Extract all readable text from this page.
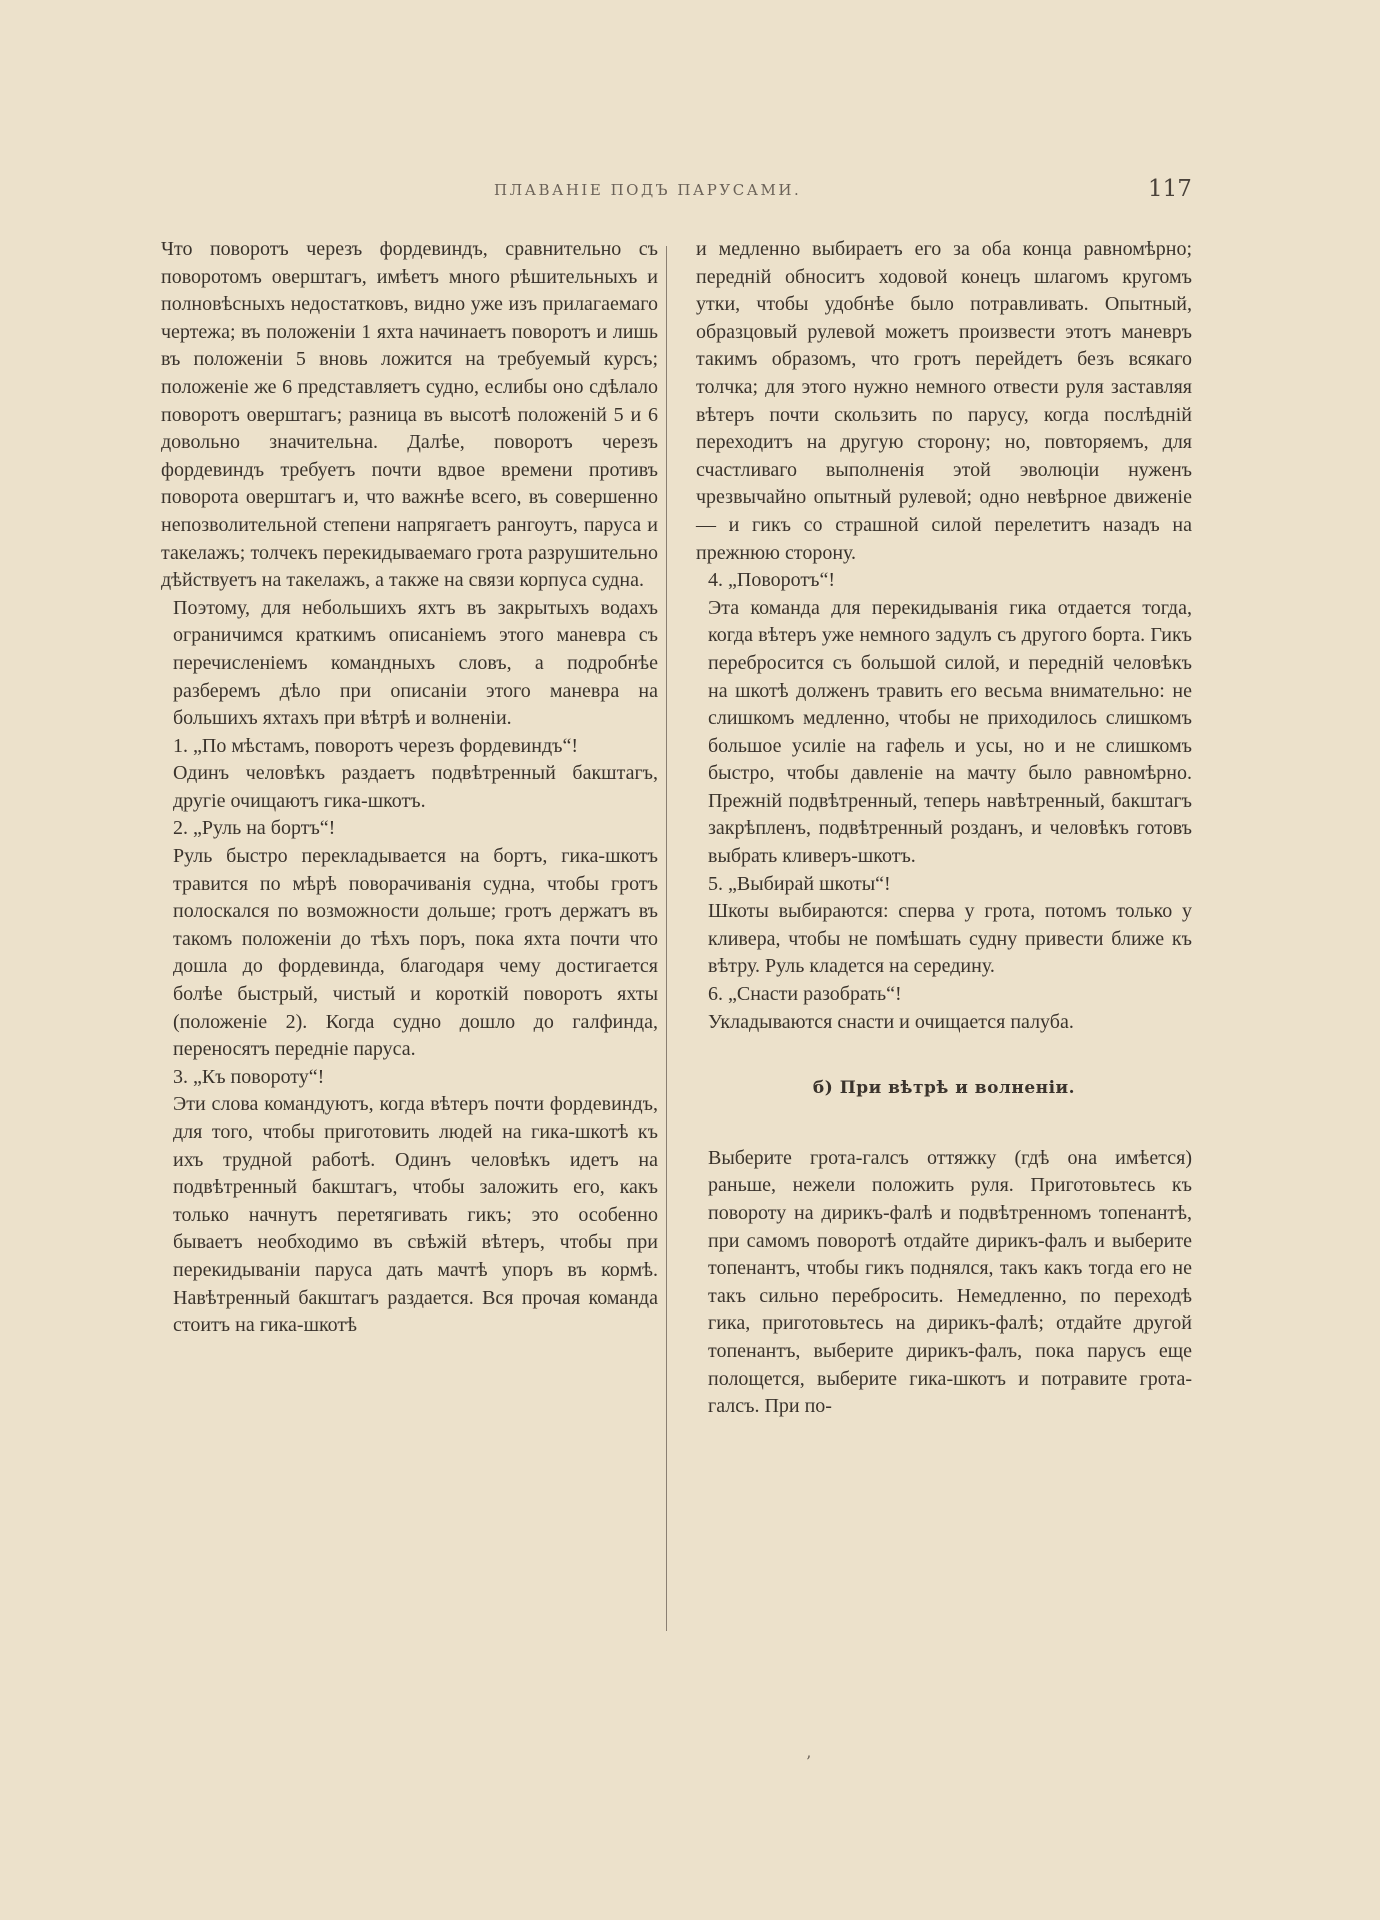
ПЛАВАНІЕ ПОДЪ ПАРУСАМИ.	117

Что поворотъ черезъ фордевиндъ, сравнительно съ поворотомъ оверштагъ, имѣетъ много рѣшительныхъ и полновѣсныхъ недостатковъ, видно уже изъ прилагаемаго чертежа; въ положеніи 1 яхта начинаетъ поворотъ и лишь въ положеніи 5 вновь ложится на требуемый курсъ; положеніе же 6 представляетъ судно, еслибы оно сдѣлало поворотъ оверштагъ; разница въ высотѣ положеній 5 и 6 довольно значительна. Далѣе, поворотъ черезъ фордевиндъ требуетъ почти вдвое времени противъ поворота оверштагъ и, что важнѣе всего, въ совершенно непозволительной степени напрягаетъ рангоутъ, паруса и такелажъ; толчекъ перекидываемаго грота разрушительно дѣйствуетъ на такелажъ, а также на связи корпуса судна.

Поэтому, для небольшихъ яхтъ въ закрытыхъ водахъ ограничимся краткимъ описаніемъ этого маневра съ перечисленіемъ командныхъ словъ, а подробнѣе разберемъ дѣло при описаніи этого маневра на большихъ яхтахъ при вѣтрѣ и волненіи.

1. „По мѣстамъ, поворотъ черезъ фордевиндъ“!

Одинъ человѣкъ раздаетъ подвѣтренный бакштагъ, другіе очищаютъ гика-шкотъ.

2. „Руль на бортъ“!

Руль быстро перекладывается на бортъ, гика-шкотъ травится по мѣрѣ поворачиванія судна, чтобы гротъ полоскался по возможности дольше; гротъ держатъ въ такомъ положеніи до тѣхъ поръ, пока яхта почти что дошла до фордевинда, благодаря чему достигается болѣе быстрый, чистый и короткій поворотъ яхты (положеніе 2). Когда судно дошло до галфинда, переносятъ передніе паруса.

3. „Къ повороту“!

Эти слова командуютъ, когда вѣтеръ почти фордевиндъ, для того, чтобы приготовить людей на гика-шкотѣ къ ихъ трудной работѣ. Одинъ человѣкъ идетъ на подвѣтренный бакштагъ, чтобы заложить его, какъ только начнутъ перетягивать гикъ; это особенно бываетъ необходимо въ свѣжій вѣтеръ, чтобы при перекидываніи паруса дать мачтѣ упоръ въ кормѣ. Навѣтренный бакштагъ раздается. Вся прочая команда стоитъ на гика-шкотѣ

и медленно выбираетъ его за оба конца равномѣрно; передній обноситъ ходовой конецъ шлагомъ кругомъ утки, чтобы удобнѣе было потравливать. Опытный, образцовый рулевой можетъ произвести этотъ маневръ такимъ образомъ, что гротъ перейдетъ безъ всякаго толчка; для этого нужно немного отвести руля заставляя вѣтеръ почти скользить по парусу, когда послѣдній переходитъ на другую сторону; но, повторяемъ, для счастливаго выполненія этой эволюціи нуженъ чрезвычайно опытный рулевой; одно невѣрное движеніе — и гикъ со страшной силой перелетитъ назадъ на прежнюю сторону.

4. „Поворотъ“!

Эта команда для перекидыванія гика отдается тогда, когда вѣтеръ уже немного задулъ съ другого борта. Гикъ перебросится съ большой силой, и передній человѣкъ на шкотѣ долженъ травить его весьма внимательно: не слишкомъ медленно, чтобы не приходилось слишкомъ большое усиліе на гафель и усы, но и не слишкомъ быстро, чтобы давленіе на мачту было равномѣрно. Прежній подвѣтренный, теперь навѣтренный, бакштагъ закрѣпленъ, подвѣтренный розданъ, и человѣкъ готовъ выбрать кливеръ-шкотъ.

5. „Выбирай шкоты“!

Шкоты выбираются: сперва у грота, потомъ только у кливера, чтобы не помѣшать судну привести ближе къ вѣтру. Руль кладется на середину.

6. „Снасти разобрать“!

Укладываются снасти и очищается палуба.

б) При вѣтрѣ и волненіи.

Выберите грота-галсъ оттяжку (гдѣ она имѣется) раньше, нежели положить руля. Приготовьтесь къ повороту на дирикъ-фалѣ и подвѣтренномъ топенантѣ, при самомъ поворотѣ отдайте дирикъ-фалъ и выберите топенантъ, чтобы гикъ поднялся, такъ какъ тогда его не такъ сильно перебросить. Немедленно, по переходѣ гика, приготовьтесь на дирикъ-фалѣ; отдайте другой топенантъ, выберите дирикъ-фалъ, пока парусъ еще полощется, выберите гика-шкотъ и потравите грота-галсъ. При по-

’
